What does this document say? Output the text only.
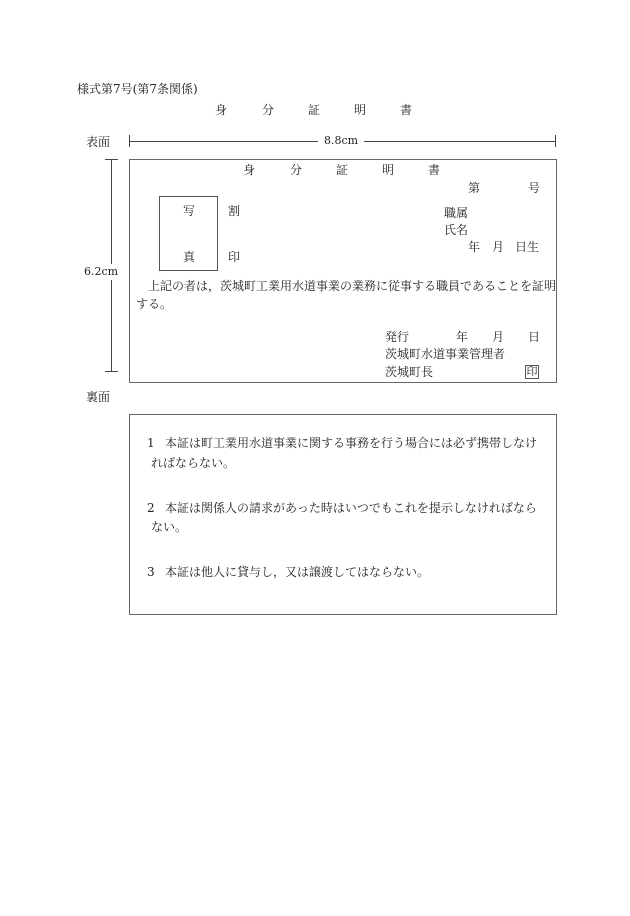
様式第7号(第7条関係)
身	分	証	明	書
表面	8.8cm
6.2cm
身	分	証	明	書
第	号
写
真
割
印
職属
氏名
年 月 日生
上記の者は，茨城町工業用水道事業の業務に従事する職員であることを証明
する。
発行	年 月 日
茨城町水道事業管理者
茨城町長	印
裏面
1 本証は町工業用水道事業に関する事務を行う場合には必ず携帯しなけ
ればならない。
2 本証は関係人の請求があった時はいつでもこれを提示しなければなら
ない。
3 本証は他人に貸与し，又は譲渡してはならない。
